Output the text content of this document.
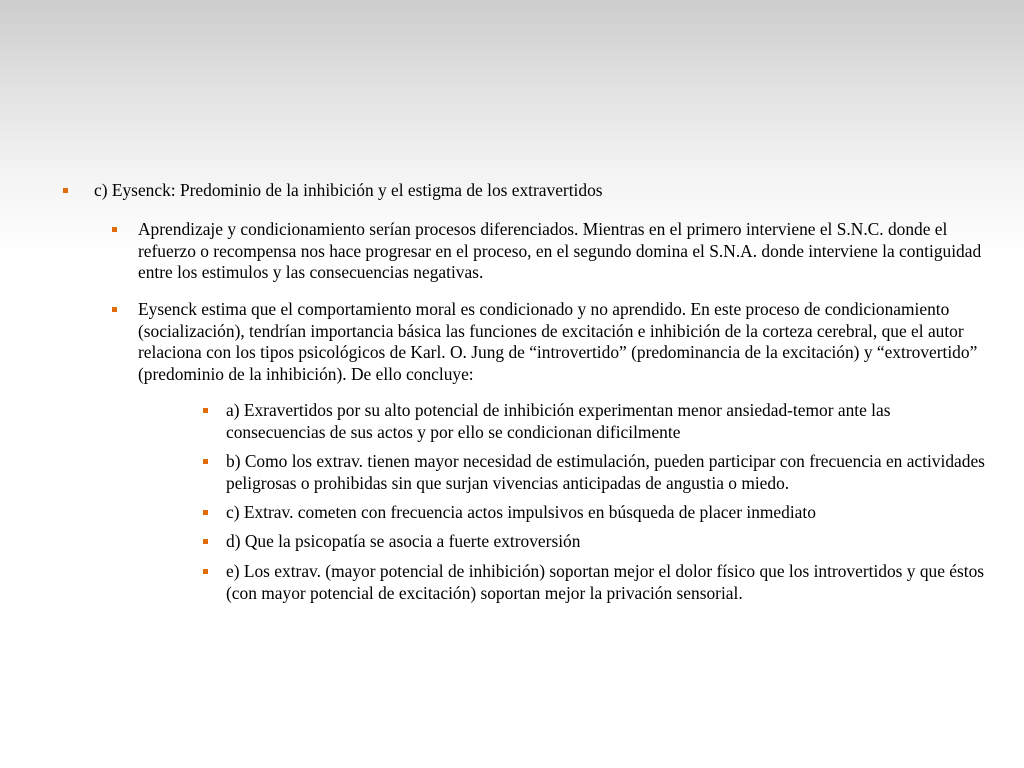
c) Eysenck: Predominio de la inhibición y el estigma de los extravertidos
Aprendizaje y condicionamiento serían procesos diferenciados. Mientras en el primero interviene el S.N.C. donde el refuerzo o recompensa nos hace progresar en el proceso, en el segundo domina el S.N.A. donde interviene la contiguidad entre los estimulos y las consecuencias negativas.
Eysenck estima que el comportamiento moral es condicionado y no aprendido. En este proceso de condicionamiento (socialización), tendrían importancia básica las funciones de excitación e inhibición de la corteza cerebral, que el autor relaciona con los tipos psicológicos de Karl. O. Jung de “introvertido” (predominancia de la excitación) y “extrovertido” (predominio de la inhibición). De ello concluye:
a) Exravertidos por su alto potencial de inhibición experimentan menor ansiedad-temor ante las consecuencias de sus actos y por ello se condicionan dificilmente
b) Como los extrav. tienen mayor necesidad de estimulación, pueden participar con frecuencia en actividades peligrosas o prohibidas sin que surjan vivencias anticipadas de angustia o miedo.
c) Extrav. cometen con frecuencia actos impulsivos en búsqueda de placer inmediato
d) Que la psicopatía se asocia a fuerte extroversión
e) Los extrav. (mayor potencial de inhibición) soportan mejor el dolor físico que los introvertidos y que éstos (con mayor potencial de excitación) soportan mejor la privación sensorial.
